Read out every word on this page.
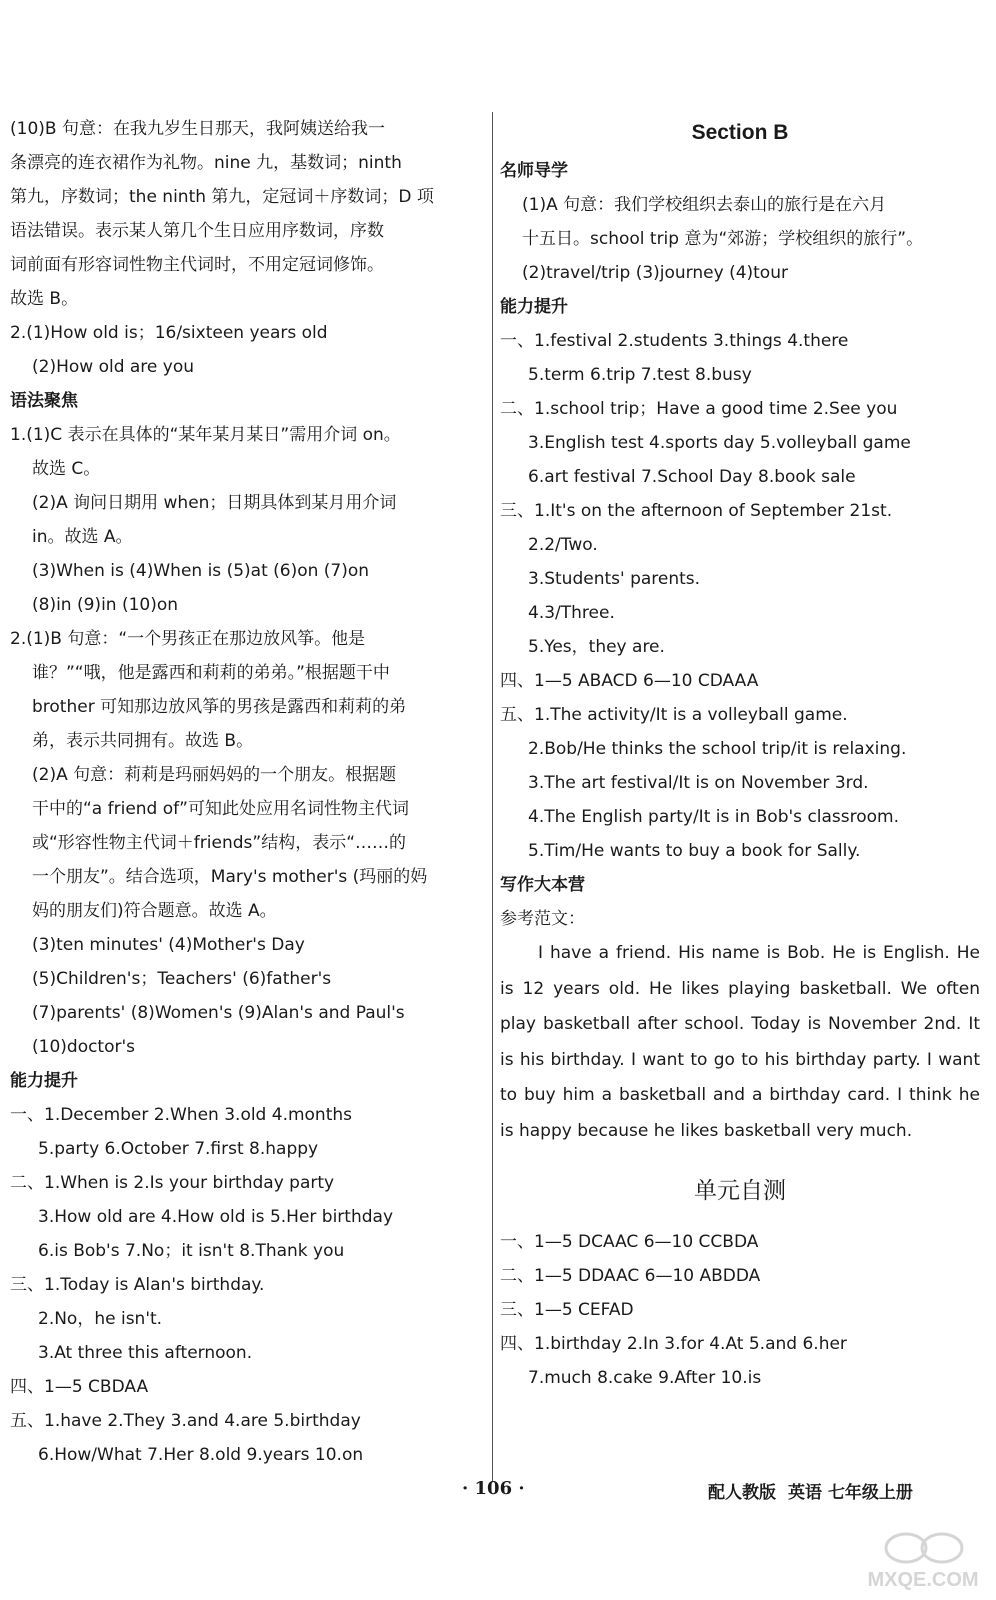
(10)B 句意：在我九岁生日那天，我阿姨送给我一
条漂亮的连衣裙作为礼物。nine 九，基数词；ninth
第九，序数词；the ninth 第九，定冠词＋序数词；D 项
语法错误。表示某人第几个生日应用序数词，序数
词前面有形容词性物主代词时，不用定冠词修饰。
故选 B。
2.(1)How old is；16/sixteen years old
(2)How old are you
语法聚焦
1.(1)C 表示在具体的“某年某月某日”需用介词 on。
故选 C。
(2)A 询问日期用 when；日期具体到某月用介词
in。故选 A。
(3)When is (4)When is (5)at (6)on (7)on
(8)in (9)in (10)on
2.(1)B 句意：“一个男孩正在那边放风筝。他是
谁？”“哦，他是露西和莉莉的弟弟。”根据题干中
brother 可知那边放风筝的男孩是露西和莉莉的弟
弟，表示共同拥有。故选 B。
(2)A 句意：莉莉是玛丽妈妈的一个朋友。根据题
干中的“a friend of”可知此处应用名词性物主代词
或“形容性物主代词＋friends”结构，表示“……的
一个朋友”。结合选项，Mary's mother's (玛丽的妈
妈的朋友们)符合题意。故选 A。
(3)ten minutes' (4)Mother's Day
(5)Children's；Teachers' (6)father's
(7)parents' (8)Women's (9)Alan's and Paul's
(10)doctor's
能力提升
一、1.December 2.When 3.old 4.months
5.party 6.October 7.first 8.happy
二、1.When is 2.Is your birthday party
3.How old are 4.How old is 5.Her birthday
6.is Bob's 7.No；it isn't 8.Thank you
三、1.Today is Alan's birthday.
2.No，he isn't.
3.At three this afternoon.
四、1—5 CBDAA
五、1.have 2.They 3.and 4.are 5.birthday
6.How/What 7.Her 8.old 9.years 10.on
Section B
名师导学
(1)A 句意：我们学校组织去泰山的旅行是在六月
十五日。school trip 意为“郊游；学校组织的旅行”。
(2)travel/trip (3)journey (4)tour
能力提升
一、1.festival 2.students 3.things 4.there
5.term 6.trip 7.test 8.busy
二、1.school trip；Have a good time 2.See you
3.English test 4.sports day 5.volleyball game
6.art festival 7.School Day 8.book sale
三、1.It's on the afternoon of September 21st.
2.2/Two.
3.Students' parents.
4.3/Three.
5.Yes，they are.
四、1—5 ABACD 6—10 CDAAA
五、1.The activity/It is a volleyball game.
2.Bob/He thinks the school trip/it is relaxing.
3.The art festival/It is on November 3rd.
4.The English party/It is in Bob's classroom.
5.Tim/He wants to buy a book for Sally.
写作大本营
参考范文：
I have a friend. His name is Bob. He is English. He is 12 years old. He likes playing basketball. We often play basketball after school. Today is November 2nd. It is his birthday. I want to go to his birthday party. I want to buy him a basketball and a birthday card. I think he is happy because he likes basketball very much.
单元自测
一、1—5 DCAAC 6—10 CCBDA
二、1—5 DDAAC 6—10 ABDDA
三、1—5 CEFAD
四、1.birthday 2.In 3.for 4.At 5.and 6.her
7.much 8.cake 9.After 10.is
· 106 ·	配人教版 英语 七年级上册
MXQE.COM
